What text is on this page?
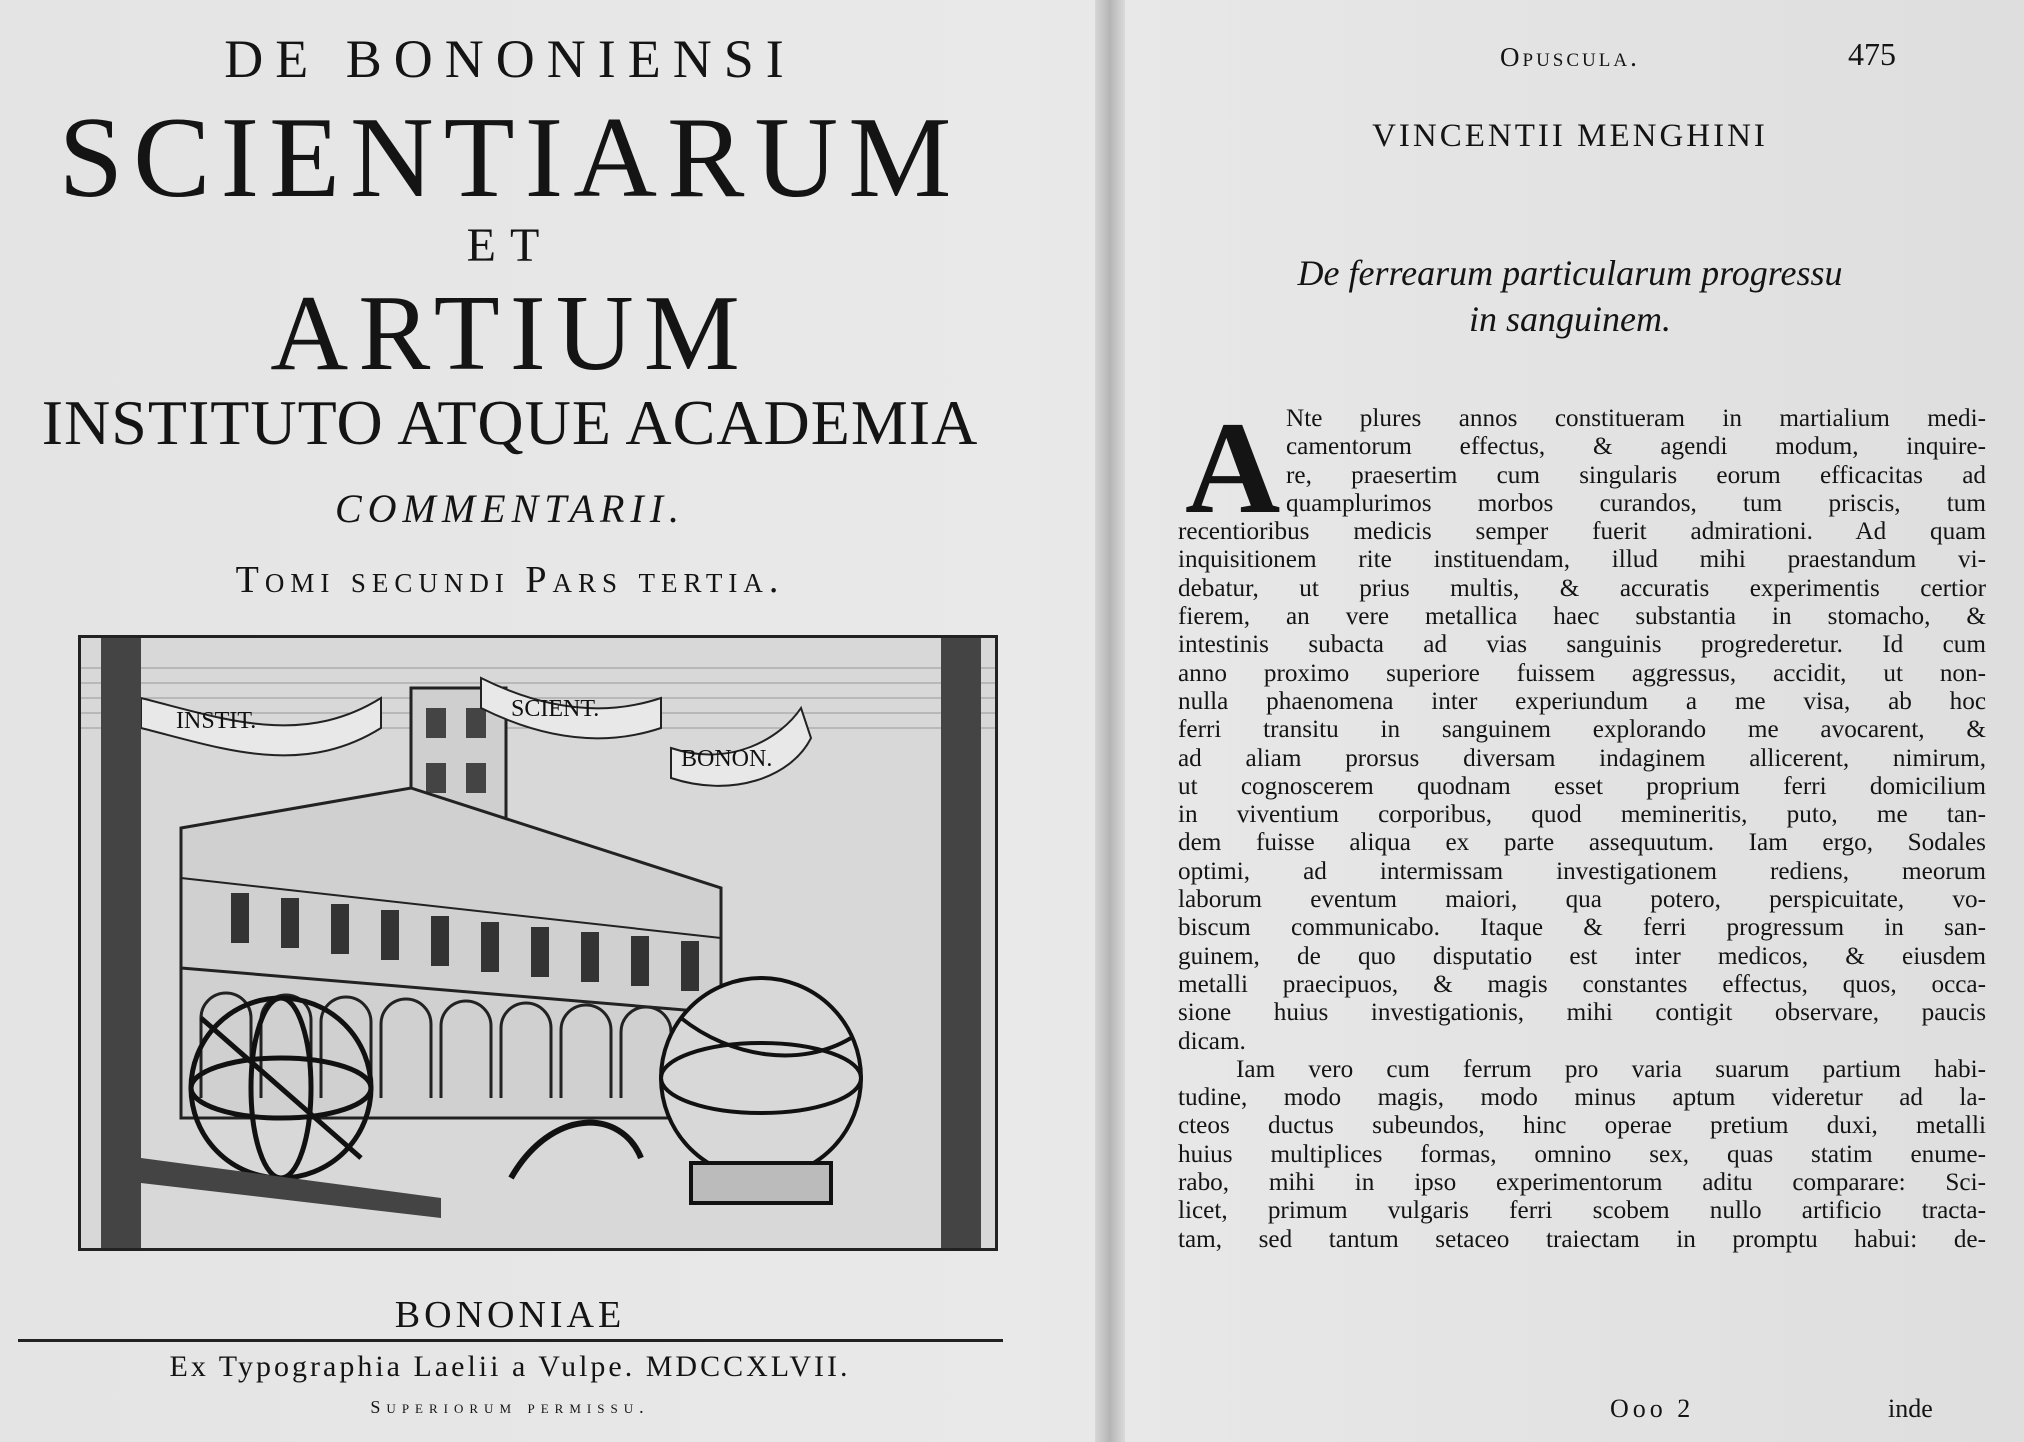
DE BONONIENSI
SCIENTIARUM
ET
ARTIUM
INSTITUTO ATQUE ACADEMIA
COMMENTARII.
Tomi secundi Pars tertia.
INSTIT.	SCIENT.
BONON.
BONONIAE
Ex Typographia Laelii a Vulpe. MDCCXLVII.
Superiorum permissu.
Opuscula.	475
VINCENTII MENGHINI
De ferrearum particularum progressu
in sanguinem.
A Nte plures annos constitueram in martialium medi-
camentorum effectus, & agendi modum, inquire-
re, praesertim cum singularis eorum efficacitas ad
quamplurimos morbos curandos, tum priscis, tum
recentioribus medicis semper fuerit admirationi. Ad quam
inquisitionem rite instituendam, illud mihi praestandum vi-
debatur, ut prius multis, & accuratis experimentis certior
fierem, an vere metallica haec substantia in stomacho, &
intestinis subacta ad vias sanguinis progrederetur. Id cum
anno proximo superiore fuissem aggressus, accidit, ut non-
nulla phaenomena inter experiundum a me visa, ab hoc
ferri transitu in sanguinem explorando me avocarent, &
ad aliam prorsus diversam indaginem allicerent, nimirum,
ut cognoscerem quodnam esset proprium ferri domicilium
in viventium corporibus, quod memineritis, puto, me tan-
dem fuisse aliqua ex parte assequutum. Iam ergo, Sodales
optimi, ad intermissam investigationem rediens, meorum
laborum eventum maiori, qua potero, perspicuitate, vo-
biscum communicabo. Itaque & ferri progressum in san-
guinem, de quo disputatio est inter medicos, & eiusdem
metalli praecipuos, & magis constantes effectus, quos, occa-
sione huius investigationis, mihi contigit observare, paucis
dicam.
Iam vero cum ferrum pro varia suarum partium habi-
tudine, modo magis, modo minus aptum videretur ad la-
cteos ductus subeundos, hinc operae pretium duxi, metalli
huius multiplices formas, omnino sex, quas statim enume-
rabo, mihi in ipso experimentorum aditu comparare: Sci-
licet, primum vulgaris ferri scobem nullo artificio tracta-
tam, sed tantum setaceo traiectam in promptu habui: de-
Ooo 2	inde
